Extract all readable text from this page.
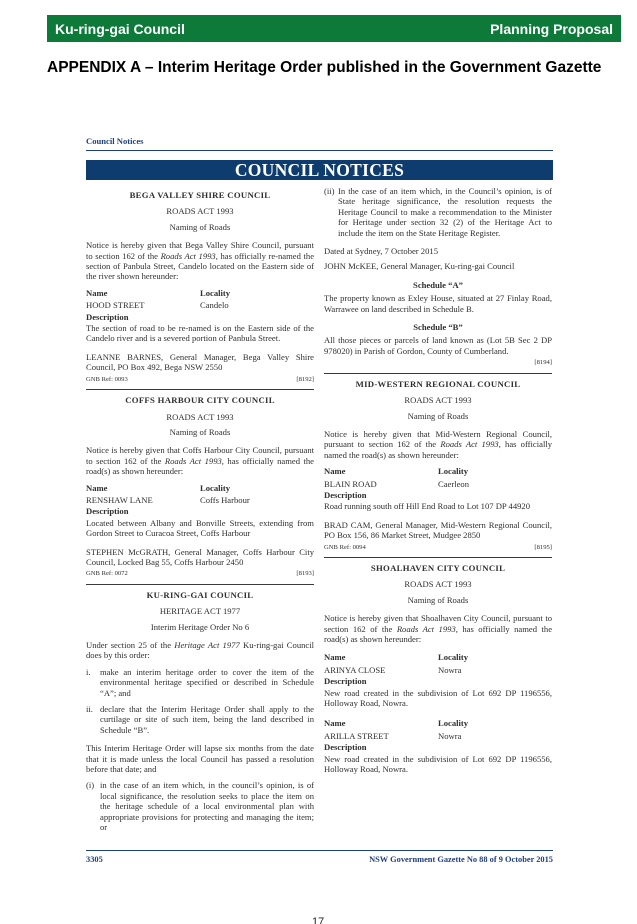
Ku-ring-gai Council	Planning Proposal
APPENDIX A – Interim Heritage Order published in the Government Gazette
Council Notices
COUNCIL NOTICES
BEGA VALLEY SHIRE COUNCIL
ROADS ACT 1993
Naming of Roads
Notice is hereby given that Bega Valley Shire Council, pursuant to section 162 of the Roads Act 1993, has officially re-named the section of Panbula Street, Candelo located on the Eastern side of the river shown hereunder:
Name	Locality
HOOD STREET	Candelo
Description
The section of road to be re-named is on the Eastern side of the Candelo river and is a severed portion of Panbula Street.
LEANNE BARNES, General Manager, Bega Valley Shire Council, PO Box 492, Bega NSW 2550
GNB Ref: 0093	[8192]
COFFS HARBOUR CITY COUNCIL
ROADS ACT 1993
Naming of Roads
Notice is hereby given that Coffs Harbour City Council, pursuant to section 162 of the Roads Act 1993, has officially named the road(s) as shown hereunder:
Name	Locality
RENSHAW LANE	Coffs Harbour
Description
Located between Albany and Bonville Streets, extending from Gordon Street to Curacoa Street, Coffs Harbour
STEPHEN McGRATH, General Manager, Coffs Harbour City Council, Locked Bag 55, Coffs Harbour 2450
GNB Ref: 0072	[8193]
KU-RING-GAI COUNCIL
HERITAGE ACT 1977
Interim Heritage Order No 6
Under section 25 of the Heritage Act 1977 Ku-ring-gai Council does by this order:
i.	make an interim heritage order to cover the item of the environmental heritage specified or described in Schedule “A”; and
ii. declare that the Interim Heritage Order shall apply to the curtilage or site of such item, being the land described in Schedule “B”.
This Interim Heritage Order will lapse six months from the date that it is made unless the local Council has passed a resolution before that date; and
(i) in the case of an item which, in the council’s opinion, is of local significance, the resolution seeks to place the item on the heritage schedule of a local environmental plan with appropriate provisions for protecting and managing the item; or
(ii) In the case of an item which, in the Council’s opinion, is of State heritage significance, the resolution requests the Heritage Council to make a recommendation to the Minister for Heritage under section 32 (2) of the Heritage Act to include the item on the State Heritage Register.
Dated at Sydney, 7 October 2015
JOHN McKEE, General Manager, Ku-ring-gai Council
Schedule “A”
The property known as Exley House, situated at 27 Finlay Road, Warrawee on land described in Schedule B.
Schedule “B”
All those pieces or parcels of land known as (Lot 5B Sec 2 DP 978020) in Parish of Gordon, County of Cumberland.
[8194]
MID-WESTERN REGIONAL COUNCIL
ROADS ACT 1993
Naming of Roads
Notice is hereby given that Mid-Western Regional Council, pursuant to section 162 of the Roads Act 1993, has officially named the road(s) as shown hereunder:
Name	Locality
BLAIN ROAD	Caerleon
Description
Road running south off Hill End Road to Lot 107 DP 44920
BRAD CAM, General Manager, Mid-Western Regional Council, PO Box 156, 86 Market Street, Mudgee 2850
GNB Ref: 0094	[8195]
SHOALHAVEN CITY COUNCIL
ROADS ACT 1993
Naming of Roads
Notice is hereby given that Shoalhaven City Council, pursuant to section 162 of the Roads Act 1993, has officially named the road(s) as shown hereunder:
Name	Locality
ARINYA CLOSE	Nowra
Description
New road created in the subdivision of Lot 692 DP 1196556, Holloway Road, Nowra.
Name	Locality
ARILLA STREET	Nowra
Description
New road created in the subdivision of Lot 692 DP 1196556, Holloway Road, Nowra.
3305	NSW Government Gazette No 88 of 9 October 2015
17
